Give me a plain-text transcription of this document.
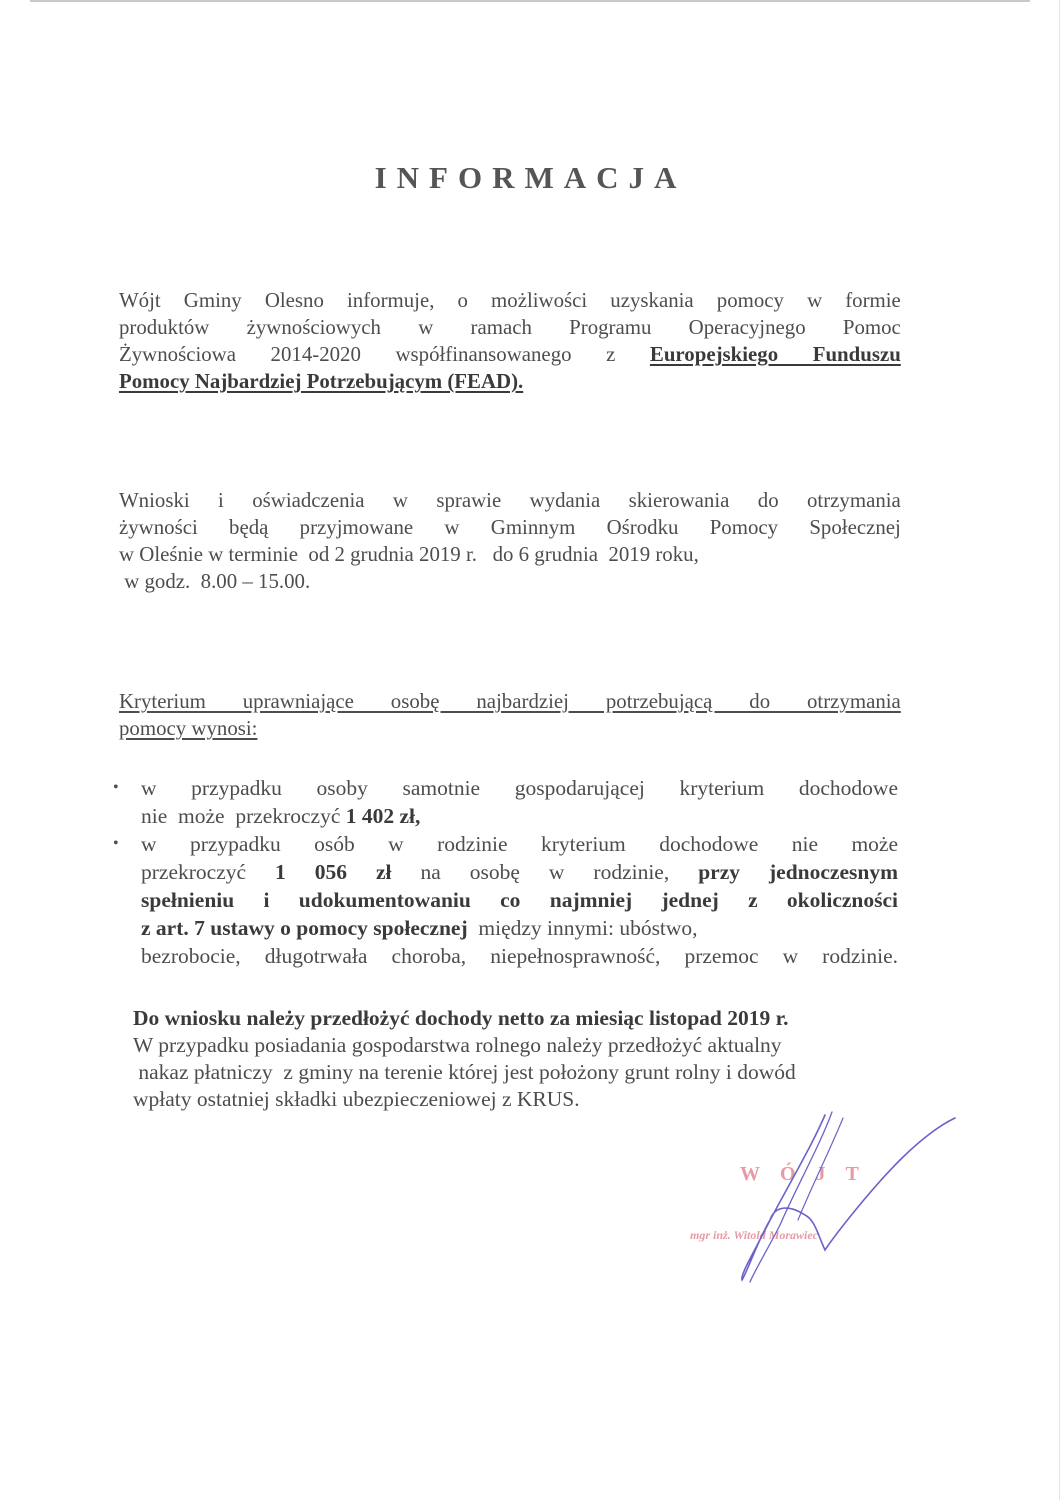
INFORMACJA
Wójt Gminy Olesno informuje, o możliwości uzyskania pomocy w formie
produktów żywnościowych w ramach Programu Operacyjnego Pomoc
Żywnościowa 2014-2020 współfinansowanego z Europejskiego Funduszu
Pomocy Najbardziej Potrzebującym (FEAD).
Wnioski i oświadczenia w sprawie wydania skierowania do otrzymania
żywności będą przyjmowane w Gminnym Ośrodku Pomocy Społecznej
w Oleśnie w terminie  od 2 grudnia 2019 r.   do 6 grudnia  2019 roku,
w godz.  8.00 – 15.00.
Kryterium uprawniające osobę najbardziej potrzebującą do otrzymania
pomocy wynosi:
• w przypadku osoby samotnie gospodarującej kryterium dochodowe
nie  może  przekroczyć 1 402 zł,
• w przypadku osób w rodzinie kryterium dochodowe nie może
przekroczyć 1 056 zł na osobę w rodzinie, przy jednoczesnym
spełnieniu i udokumentowaniu co najmniej jednej z okoliczności
z art. 7 ustawy o pomocy społecznej  między innymi: ubóstwo,
bezrobocie, długotrwała choroba, niepełnosprawność, przemoc w rodzinie.
Do wniosku należy przedłożyć dochody netto za miesiąc listopad 2019 r.
W przypadku posiadania gospodarstwa rolnego należy przedłożyć aktualny
nakaz płatniczy  z gminy na terenie której jest położony grunt rolny i dowód
wpłaty ostatniej składki ubezpieczeniowej z KRUS.
WÓJT
mgr inż. Witold Morawiec
